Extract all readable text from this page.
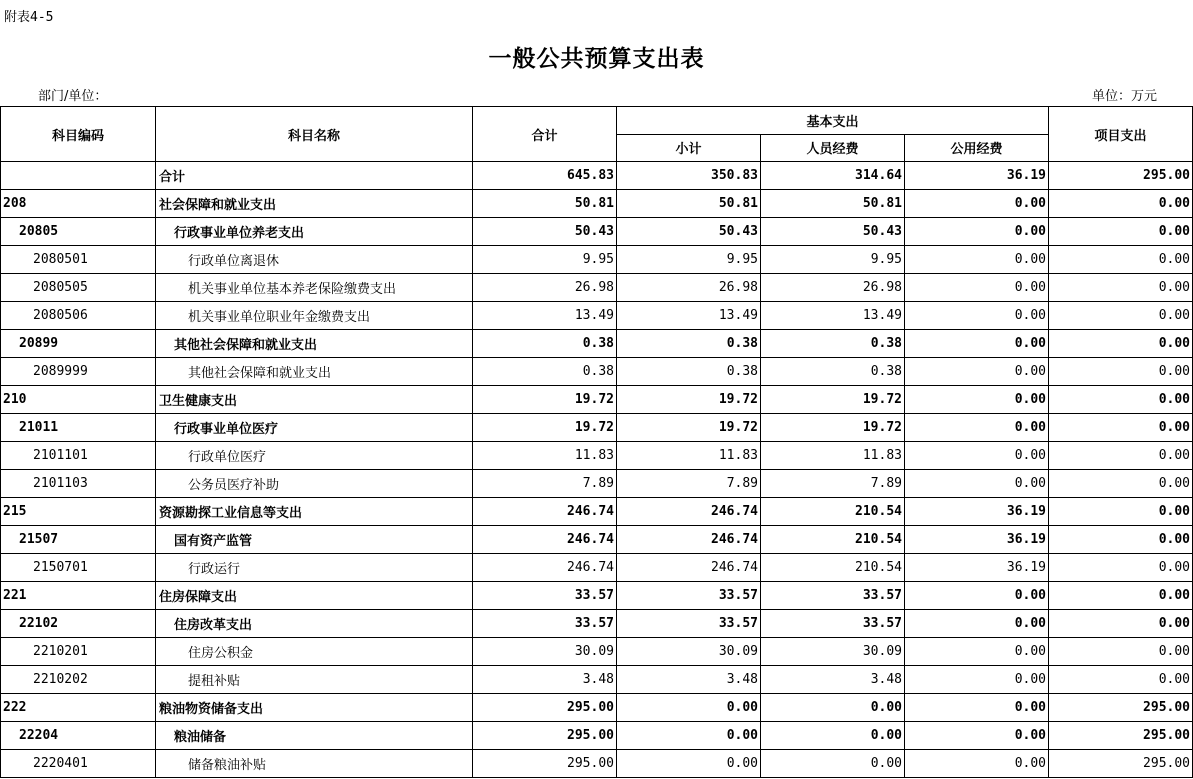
附表4-5
一般公共预算支出表
部门/单位：	单位：万元
科目编码	科目名称	合计	基本支出			项目支出
			小计	人员经费	公用经费	
	合计	645.83	350.83	314.64	36.19	295.00
208	社会保障和就业支出	50.81	50.81	50.81	0.00	0.00
20805	行政事业单位养老支出	50.43	50.43	50.43	0.00	0.00
2080501	行政单位离退休	9.95	9.95	9.95	0.00	0.00
2080505	机关事业单位基本养老保险缴费支出	26.98	26.98	26.98	0.00	0.00
2080506	机关事业单位职业年金缴费支出	13.49	13.49	13.49	0.00	0.00
20899	其他社会保障和就业支出	0.38	0.38	0.38	0.00	0.00
2089999	其他社会保障和就业支出	0.38	0.38	0.38	0.00	0.00
210	卫生健康支出	19.72	19.72	19.72	0.00	0.00
21011	行政事业单位医疗	19.72	19.72	19.72	0.00	0.00
2101101	行政单位医疗	11.83	11.83	11.83	0.00	0.00
2101103	公务员医疗补助	7.89	7.89	7.89	0.00	0.00
215	资源勘探工业信息等支出	246.74	246.74	210.54	36.19	0.00
21507	国有资产监管	246.74	246.74	210.54	36.19	0.00
2150701	行政运行	246.74	246.74	210.54	36.19	0.00
221	住房保障支出	33.57	33.57	33.57	0.00	0.00
22102	住房改革支出	33.57	33.57	33.57	0.00	0.00
2210201	住房公积金	30.09	30.09	30.09	0.00	0.00
2210202	提租补贴	3.48	3.48	3.48	0.00	0.00
222	粮油物资储备支出	295.00	0.00	0.00	0.00	295.00
22204	粮油储备	295.00	0.00	0.00	0.00	295.00
2220401	储备粮油补贴	295.00	0.00	0.00	0.00	295.00
